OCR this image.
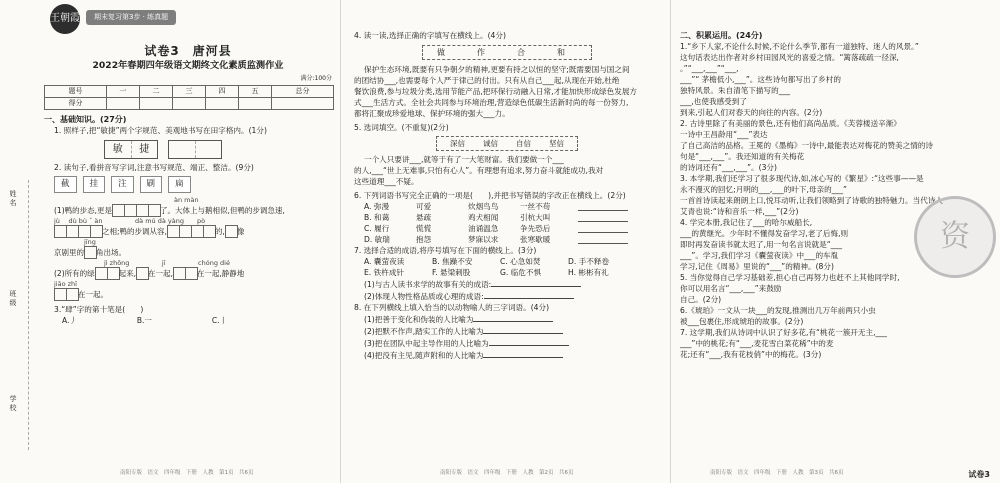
王朝霞	期末复习第3步 · 练真题
试卷3　唐河县
2022年春期四年级语文期终文化素质监测作业
满分:100分
题号	一	二	三	四	五	总分
得分						
一、基础知识。(27分)
1. 照样子,把“敏捷”两个字规范、美观地书写在田字格内。(1分)
敏	捷
2. 读句子,看拼音写字词,注意书写规范、端正、整洁。(9分)
截	挂	注	刷	扁
àn màn
(1)鸭的步态,更是	了。大体上与鹅相似,但鸭的步调急速,
jù　 dù bù ˇ àn　　　　　dà mú dà yàng　　pò
之相;鸭的步调从容,	的, 像
jīng
京剧里的 角出场。
jì zhōng　　　　　jī　　　　　chóng dié
(2)所有的绿	起来, 在一起,	在一起,静静地
jiāo zhī
在一起。
3.“肆”字的第十笔是(　　)
A.丿	B.一	C.丨
南阳专版　语文　四年级　下册　人教　第1页　共6页
姓名
班级
学校
4. 读一读,选择正确的字填写在横线上。(4分)
做　作　合　和
保护生态环境,既要有只争朝夕的精神,更要有持之以恒的坚守;既需要国与国之间
的团结协___,也需要每个人严于律己的付出。只有从自己___起,从现在开始,杜绝
餐饮浪费,参与垃圾分类,选用节能产品,把环保行动融入日常,才能加快形成绿色发展方
式___生活方式。全社会共同参与环境治理,营造绿色低碳生活新时尚的每一份努力,
都将汇聚成珍爱地球、保护环境的强大___力。
5. 选词填空。(不重复)(2分)
深信 诚信 自信 坚信
一个人只要讲___,就等于有了一大笔财富。我们要做一个___
的人,___“世上无难事,只怕有心人”。有理想有追求,努力奋斗就能成功,我对
这些道理___不疑。
6. 下列词语书写完全正确的一项是(　　),并把书写错误的字改正在横线上。(2分)
A. 弥漫	可爱	炊烟鸟鸟	一丝不苟
B. 和蔼	悬疏	鸡犬相闻	引杭大叫
C. 履行	慌慌	油诵温急	争先恐后
D. 敏瑞	抱怨	梦寐以求	张寒歇暖
7. 选择合适的成语,将序号填写在下面的横线上。(3分)
A. 囊萤夜读	B. 焦躁不安	C. 心急如焚	D. 手不释卷
E. 铁杵成针	F. 悬梁刺股	G. 临危不惧	H. 彬彬有礼
(1)与古人读书求学的故事有关的成语:
(2)体现人物性格品质或心理的成语:
8. 在下列横线上填入恰当的以动物喻人的三字词语。(4分)
(1)把善于变化和伪装的人比喻为
(2)把默不作声,踏实工作的人比喻为
(3)把在团队中起主导作用的人比喻为
(4)把没有主见,随声附和的人比喻为
南阳专版　语文　四年级　下册　人教　第2页　共6页
二、积累运用。(24分)
1.“乡下人家,不论什么时候,不论什么季节,都有一道独特、迷人的风景。”
这句话表达出作者对乡村田园风光的喜爱之情。“篱落疏疏一径深,
。”“___,___”“___,
___”“ 茅檐低小,___”。这些诗句都写出了乡村的
独特风景。朱自清笔下描写的___
___,也使我感受到了
到来,引起人们对春天的向往的内容。(2分)
2. 古诗里除了有美丽的景色,还有他们高尚品质。《芙蓉楼送辛渐》
一诗中王昌龄用“___”表达
了自己高洁的品格。王冕的《墨梅》一诗中,最能表达对梅花的赞美之情的诗
句是“___,___”。我还知道的有关梅花
的诗词还有“___,___”。(3分)
3. 本学期,我们还学习了很多现代诗,如,冰心写的《繁星》:“这些事——是
永不漫灭的回忆;月明的___,___的叶下,母亲的___”
一首首诗读起来朗朗上口,悦耳动听,让我们领略到了诗歌的独特魅力。当代诗人
艾青也说:“诗和音乐一样,___”(2分)
4. 学完本册,我记住了___的哈尔威船长,
___的黄继光。少年时不懂得发奋学习,老了后悔,则
即时再发奋读书就太迟了,用一句名言说就是“___
___”。学习,我们学习《囊萤夜读》中___的车胤
学习,记住《周易》里说的“___”的精神。(8分)
5. 当你觉得自己学习基础差,担心自己再努力也赶不上其他同学时,
你可以用名言“___,___”来鼓励
自己。(2分)
6.《琥珀》一文从一块___的发现,推测出几万年前两只小虫
被___包裹住,形成琥珀的故事。(2分)
7. 这学期,我们从诗词中认识了好多花,有“桃花一簇开无主,___
___”中的桃花;有“___,麦花雪白菜花稀”中的麦
花;还有“___,我有花枝俏”中的梅花。(3分)
南阳专版　语文　四年级　下册　人教　第3页　共6页	试卷3
资
